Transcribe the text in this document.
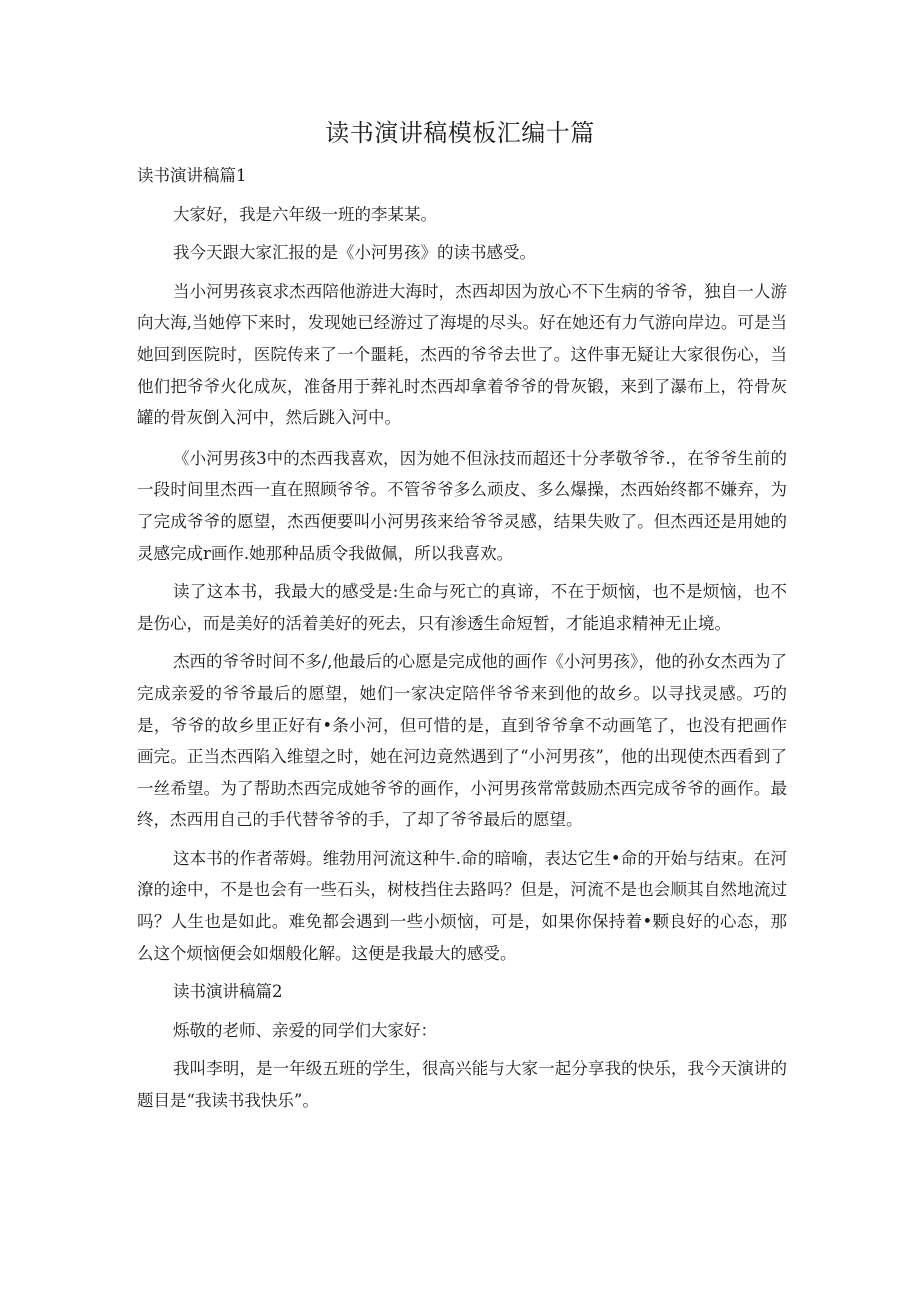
读书演讲稿模板汇编十篇

读书演讲稿篇1

大家好，我是六年级一班的李某某。

我今天跟大家汇报的是《小河男孩》的读书感受。

当小河男孩哀求杰西陪他游进大海时，杰西却因为放心不下生病的爷爷，独自一人游向大海,当她停下来时，发现她已经游过了海堤的尽头。好在她还有力气游向岸边。可是当她回到医院时，医院传来了一个噩耗，杰西的爷爷去世了。这件事无疑让大家很伤心，当他们把爷爷火化成灰，准备用于葬礼时杰西却拿着爷爷的骨灰锻，来到了瀑布上，符骨灰罐的骨灰倒入河中，然后跳入河中。

《小河男孩3中的杰西我喜欢，因为她不但泳技而超还十分孝敬爷爷.，在爷爷生前的一段时间里杰西一直在照顾爷爷。不管爷爷多么顽皮、多么爆操，杰西始终都不嫌弃，为了完成爷爷的愿望，杰西便要叫小河男孩来给爷爷灵感，结果失败了。但杰西还是用她的灵感完成r画作.她那种品质令我做佩，所以我喜欢。

读了这本书，我最大的感受是:生命与死亡的真谛，不在于烦恼，也不是烦恼，也不是伤心，而是美好的活着美好的死去，只有渗透生命短暂，才能追求精神无止境。

杰西的爷爷时间不多/,他最后的心愿是完成他的画作《小河男孩》，他的孙女杰西为了完成亲爱的爷爷最后的愿望，她们一家决定陪伴爷爷来到他的故乡。以寻找灵感。巧的是，爷爷的故乡里正好有•条小河，但可惜的是，直到爷爷拿不动画笔了，也没有把画作画完。正当杰西陷入维望之时，她在河边竟然遇到了“小河男孩”，他的出现使杰西看到了一丝希望。为了帮助杰西完成她爷爷的画作，小河男孩常常鼓励杰西完成爷爷的画作。最终，杰西用自己的手代替爷爷的手，了却了爷爷最后的愿望。

这本书的作者蒂姆。维勃用河流这种牛.命的暗喻，表达它生•命的开始与结束。在河潦的途中，不是也会有一些石头，树枝挡住去路吗？但是，河流不是也会顺其自然地流过吗？人生也是如此。难免都会遇到一些小烦恼，可是，如果你保持着•颗良好的心态，那么这个烦恼便会如烟般化解。这便是我最大的感受。

读书演讲稿篇2

烁敬的老师、亲爱的同学们大家好：

我叫李明，是一年级五班的学生，很高兴能与大家一起分享我的快乐，我今天演讲的题目是“我读书我快乐”。
